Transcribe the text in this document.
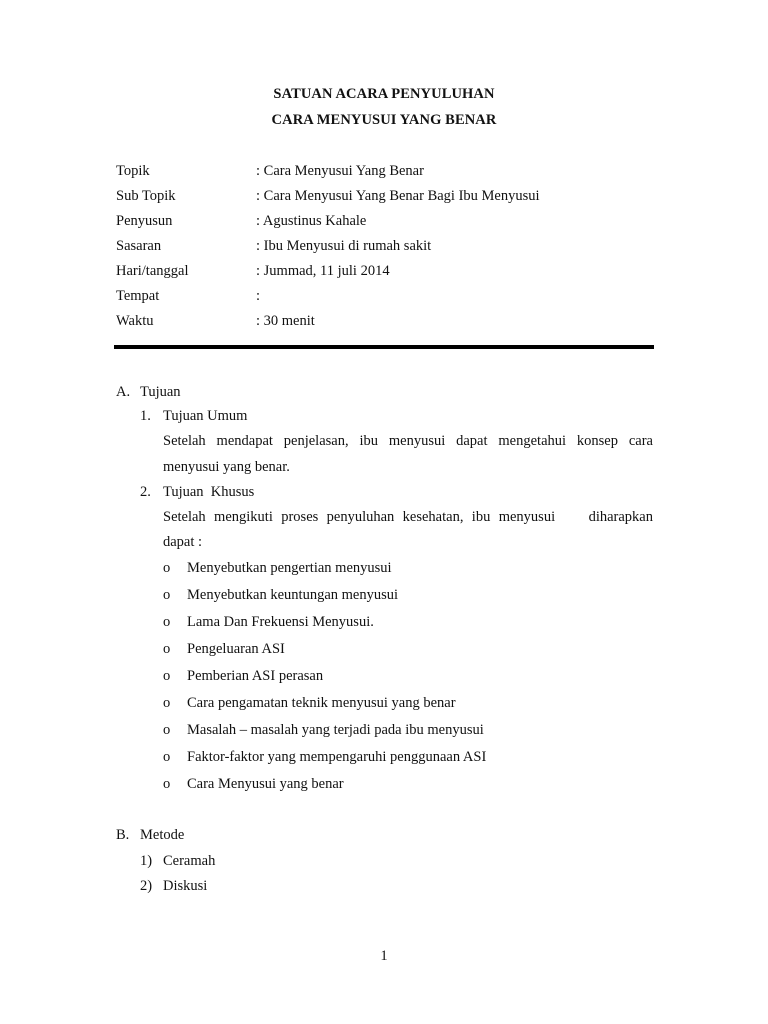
SATUAN ACARA PENYULUHAN
CARA MENYUSUI YANG BENAR
Topik	: Cara Menyusui Yang Benar
Sub Topik	: Cara Menyusui Yang Benar Bagi Ibu Menyusui
Penyusun	: Agustinus Kahale
Sasaran	: Ibu Menyusui di rumah sakit
Hari/tanggal	: Jummad, 11 juli 2014
Tempat	:
Waktu	: 30 menit
A. Tujuan
1. Tujuan Umum
Setelah mendapat penjelasan, ibu menyusui dapat mengetahui konsep cara
menyusui yang benar.
2. Tujuan  Khusus
Setelah mengikuti proses penyuluhan kesehatan, ibu menyusui    diharapkan
dapat :
o Menyebutkan pengertian menyusui
o Menyebutkan keuntungan menyusui
o Lama Dan Frekuensi Menyusui.
o Pengeluaran ASI
o Pemberian ASI perasan
o Cara pengamatan teknik menyusui yang benar
o Masalah – masalah yang terjadi pada ibu menyusui
o Faktor-faktor yang mempengaruhi penggunaan ASI
o Cara Menyusui yang benar
B. Metode
1) Ceramah
2) Diskusi
1
